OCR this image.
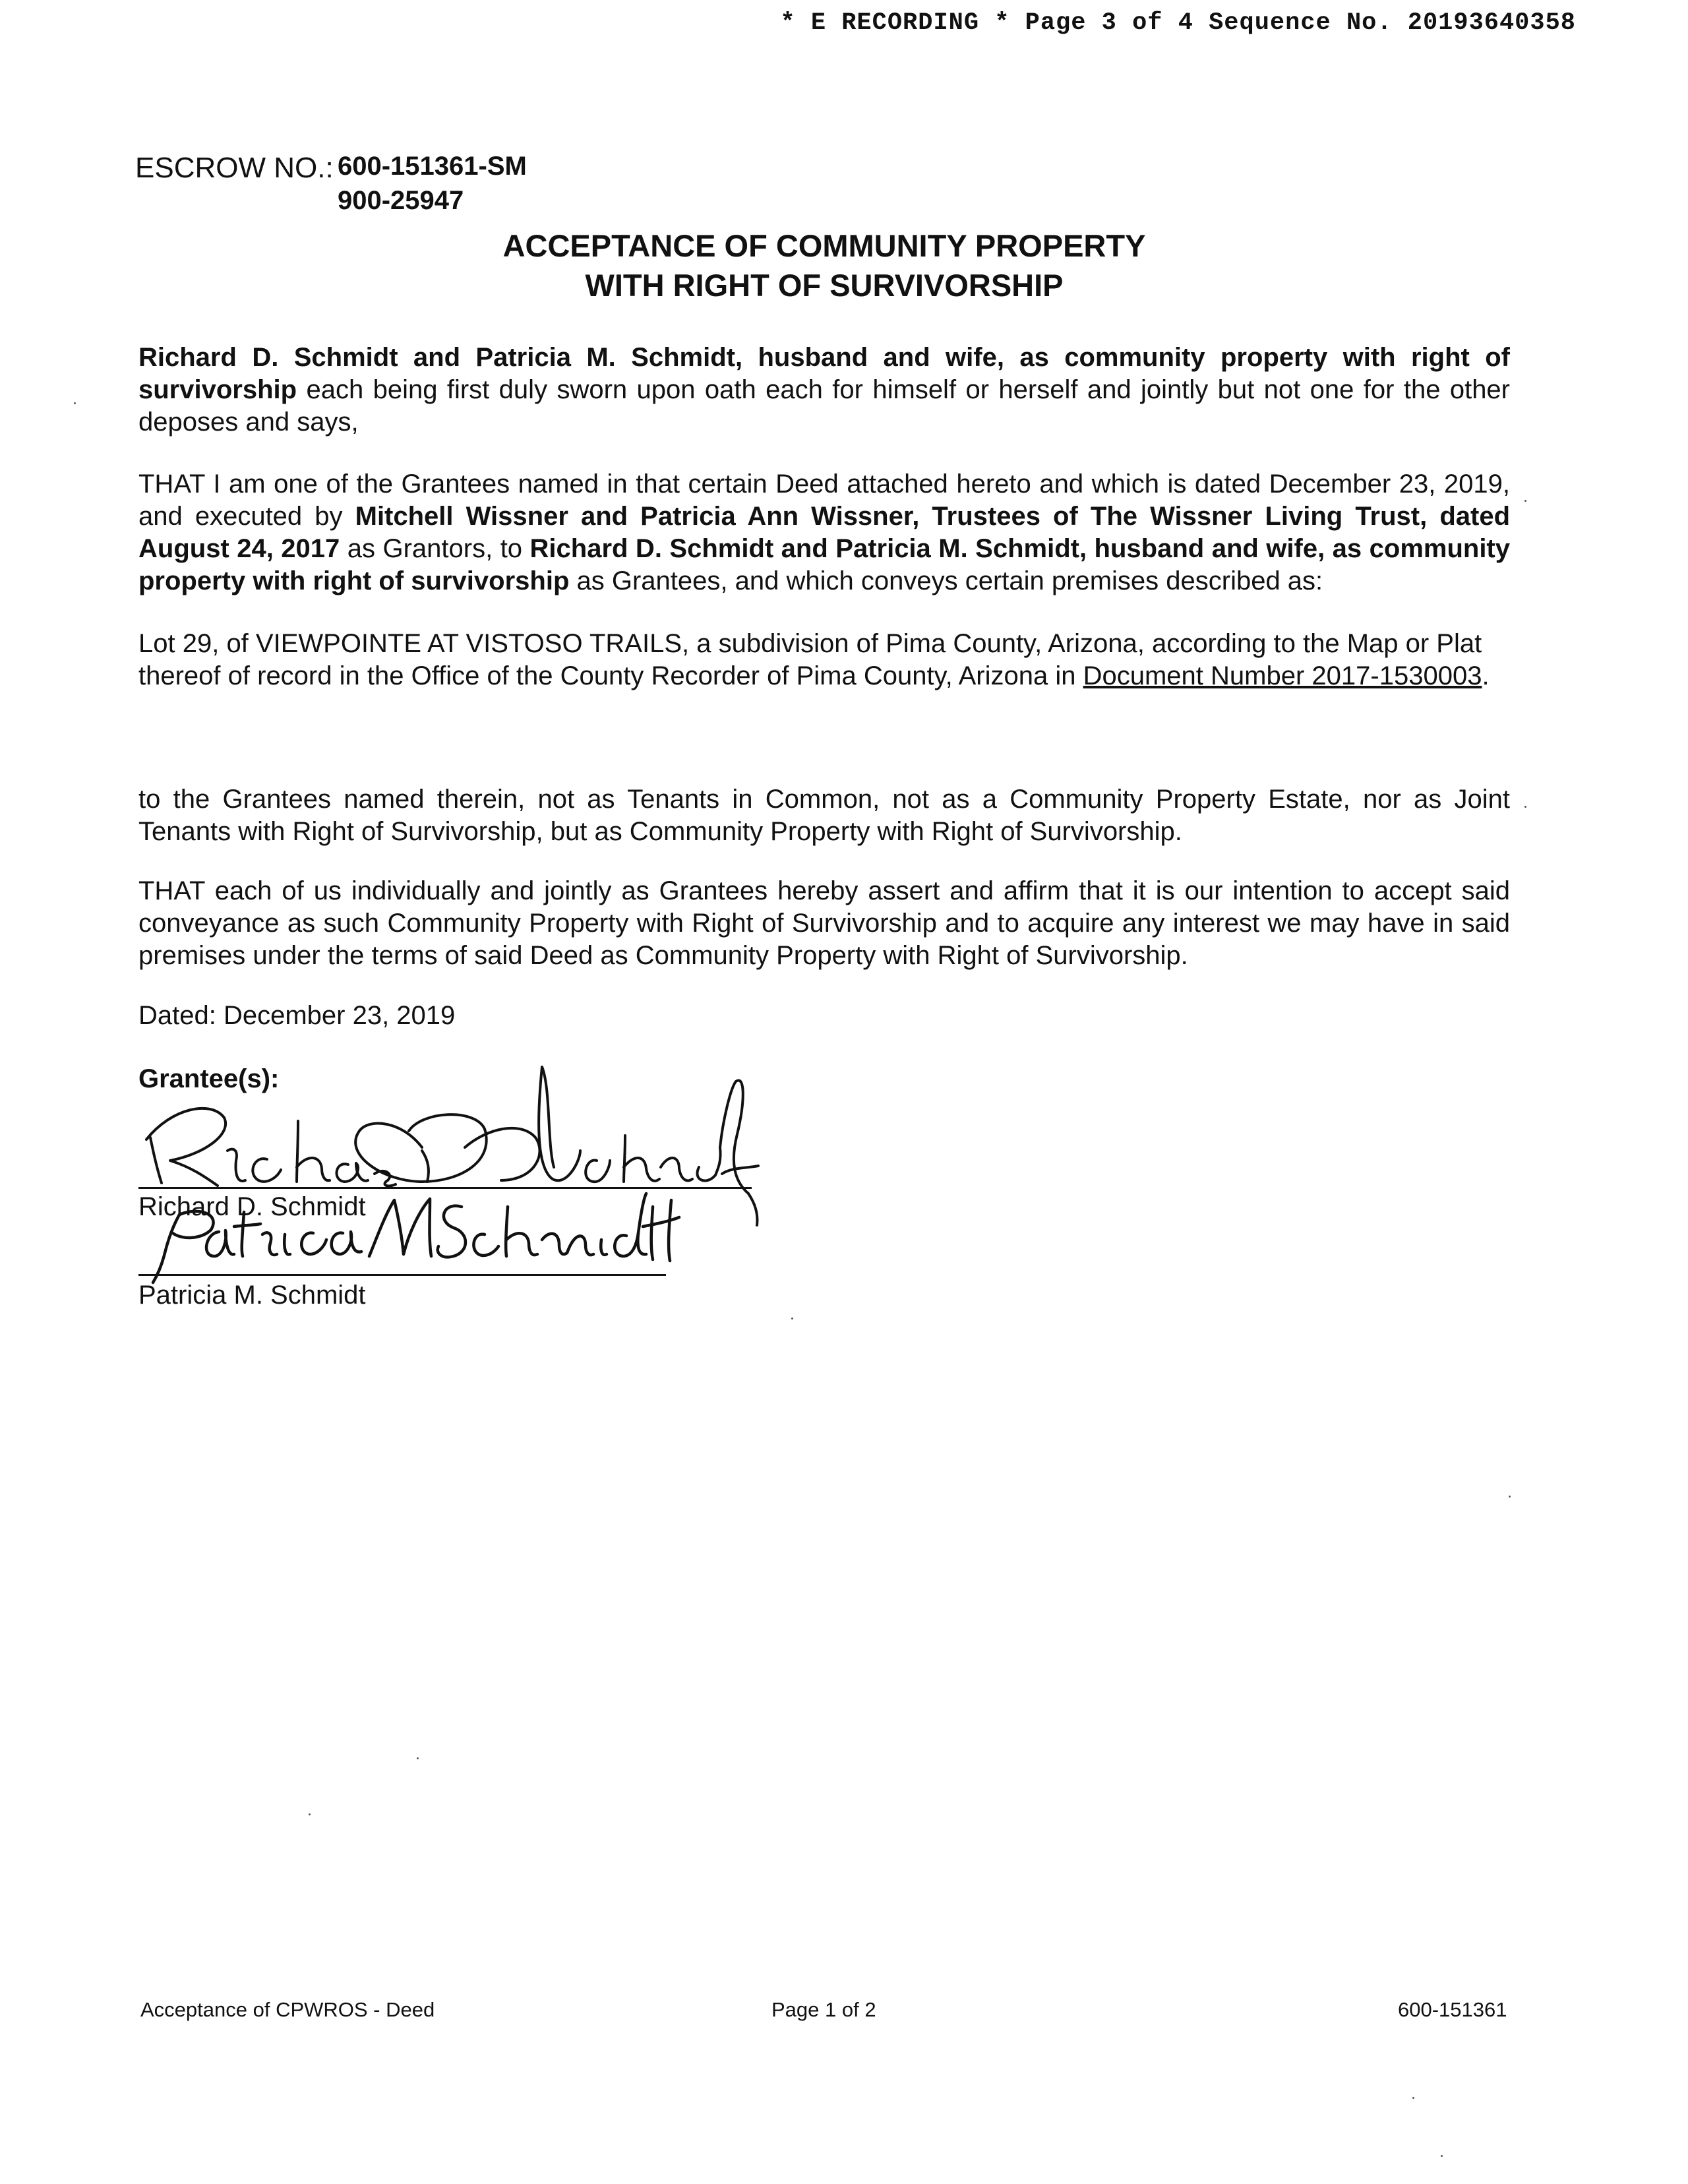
* E RECORDING * Page 3 of 4 Sequence No. 20193640358
ESCROW NO.: 600-151361-SM
900-25947
ACCEPTANCE OF COMMUNITY PROPERTY
WITH RIGHT OF SURVIVORSHIP
Richard D. Schmidt and Patricia M. Schmidt, husband and wife, as community property with right of survivorship each being first duly sworn upon oath each for himself or herself and jointly but not one for the other deposes and says,
THAT I am one of the Grantees named in that certain Deed attached hereto and which is dated December 23, 2019, and executed by Mitchell Wissner and Patricia Ann Wissner, Trustees of The Wissner Living Trust, dated August 24, 2017 as Grantors, to Richard D. Schmidt and Patricia M. Schmidt, husband and wife, as community property with right of survivorship as Grantees, and which conveys certain premises described as:
Lot 29, of VIEWPOINTE AT VISTOSO TRAILS, a subdivision of Pima County, Arizona, according to the Map or Plat thereof of record in the Office of the County Recorder of Pima County, Arizona in Document Number 2017-1530003.
to the Grantees named therein, not as Tenants in Common, not as a Community Property Estate, nor as Joint Tenants with Right of Survivorship, but as Community Property with Right of Survivorship.
THAT each of us individually and jointly as Grantees hereby assert and affirm that it is our intention to accept said conveyance as such Community Property with Right of Survivorship and to acquire any interest we may have in said premises under the terms of said Deed as Community Property with Right of Survivorship.
Dated: December 23, 2019
Grantee(s):
Richard D. Schmidt
Patricia M. Schmidt
Acceptance of CPWROS - Deed	Page 1 of 2	600-151361
